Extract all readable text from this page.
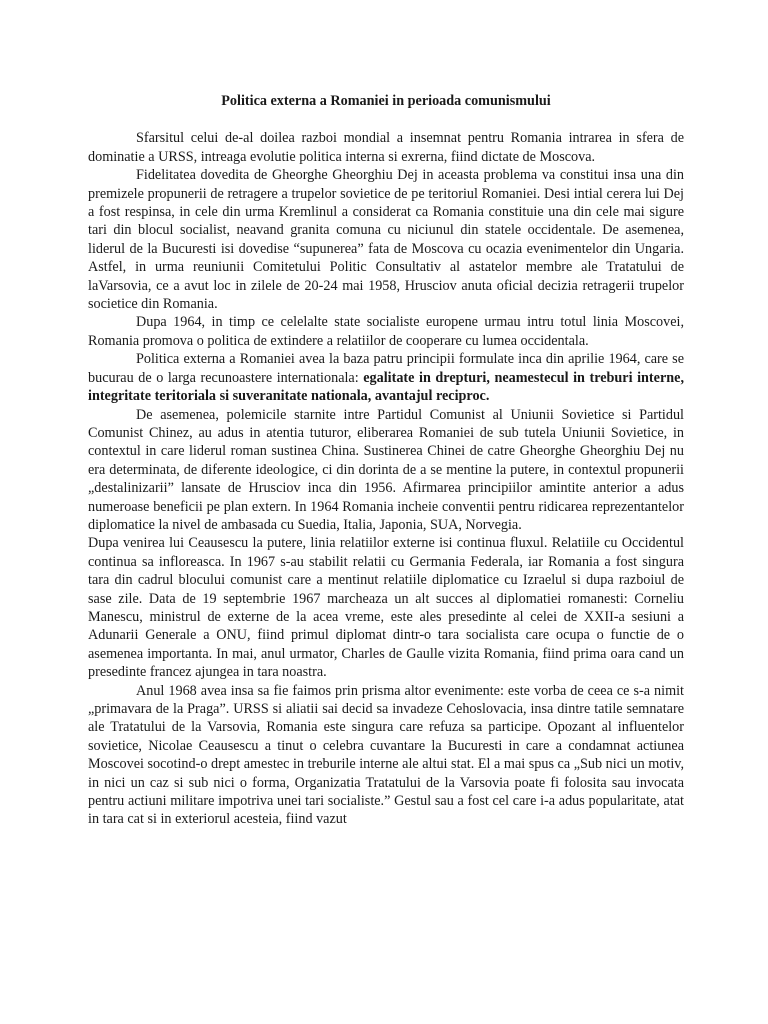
Politica externa a Romaniei in perioada comunismului

Sfarsitul celui de-al doilea razboi mondial a insemnat pentru Romania intrarea in sfera de dominatie a URSS, intreaga evolutie politica interna si exrerna, fiind dictate de Moscova.

Fidelitatea dovedita de Gheorghe Gheorghiu Dej in aceasta problema va constitui insa una din premizele propunerii de retragere a trupelor sovietice de pe teritoriul Romaniei. Desi intial cerera lui Dej a fost respinsa, in cele din urma Kremlinul a considerat ca Romania constituie una din cele mai sigure tari din blocul socialist, neavand granita comuna cu niciunul din statele occidentale. De asemenea, liderul de la Bucuresti isi dovedise “supunerea” fata de Moscova cu ocazia evenimentelor din Ungaria. Astfel, in urma reuniunii Comitetului Politic Consultativ al astatelor membre ale Tratatului de laVarsovia, ce a avut loc in zilele de 20-24 mai 1958, Hrusciov anuta oficial decizia retragerii trupelor societice din Romania.

Dupa 1964, in timp ce celelalte state socialiste europene urmau intru totul linia Moscovei, Romania promova o politica de extindere a relatiilor de cooperare cu lumea occidentala.

Politica externa a Romaniei avea la baza patru principii formulate inca din aprilie 1964, care se bucurau de o larga recunoastere internationala: egalitate in drepturi, neamestecul in treburi interne, integritate teritoriala si suveranitate nationala, avantajul reciproc.

De asemenea, polemicile starnite intre Partidul Comunist al Uniunii Sovietice si Partidul Comunist Chinez, au adus in atentia tuturor, eliberarea Romaniei de sub tutela Uniunii Sovietice, in contextul in care liderul roman sustinea China. Sustinerea Chinei de catre Gheorghe Gheorghiu Dej nu era determinata, de diferente ideologice, ci din dorinta de a se mentine la putere, in contextul propunerii „destalinizarii” lansate de Hrusciov inca din 1956. Afirmarea principiilor amintite anterior a adus numeroase beneficii pe plan extern. In 1964 Romania incheie conventii pentru ridicarea reprezentantelor diplomatice la nivel de ambasada cu Suedia, Italia, Japonia, SUA, Norvegia.

Dupa venirea lui Ceausescu la putere, linia relatiilor externe isi continua fluxul. Relatiile cu Occidentul continua sa infloreasca. In 1967 s-au stabilit relatii cu Germania Federala, iar Romania a fost singura tara din cadrul blocului comunist care a mentinut relatiile diplomatice cu Izraelul si dupa razboiul de sase zile. Data de 19 septembrie 1967 marcheaza un alt succes al diplomatiei romanesti: Corneliu Manescu, ministrul de externe de la acea vreme, este ales presedinte al celei de XXII-a sesiuni a Adunarii Generale a ONU, fiind primul diplomat dintr-o tara socialista care ocupa o functie de o asemenea importanta. In mai, anul urmator, Charles de Gaulle vizita Romania, fiind prima oara cand un presedinte francez ajungea in tara noastra.

Anul 1968 avea insa sa fie faimos prin prisma altor evenimente: este vorba de ceea ce s-a nimit „primavara de la Praga”. URSS si aliatii sai decid sa invadeze Cehoslovacia, insa dintre tatile semnatare ale Tratatului de la Varsovia, Romania este singura care refuza sa participe. Opozant al influentelor sovietice, Nicolae Ceausescu a tinut o celebra cuvantare la Bucuresti in care a condamnat actiunea Moscovei socotind-o drept amestec in treburile interne ale altui stat. El a mai spus ca „Sub nici un motiv, in nici un caz si sub nici o forma, Organizatia Tratatului de la Varsovia poate fi folosita sau invocata pentru actiuni militare impotriva unei tari socialiste.” Gestul sau a fost cel care i-a adus popularitate, atat in tara cat si in exteriorul acesteia, fiind vazut
